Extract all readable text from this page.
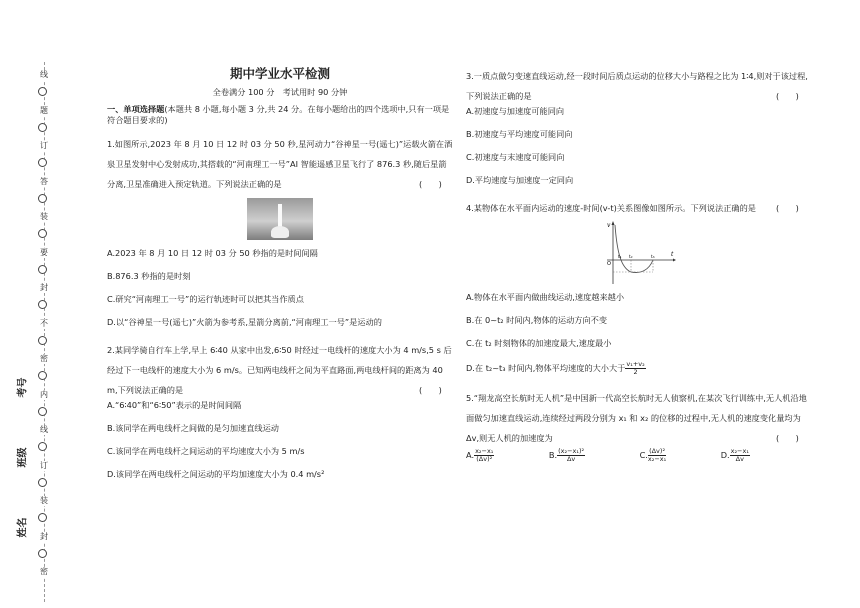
线
题
订
答
装
要
封
不
密
内
线
订
装
封
密
考号
班级
姓名
期中学业水平检测
全卷满分 100 分　考试用时 90 分钟

一、单项选择题(本题共 8 小题,每小题 3 分,共 24 分。在每小题给出的四个选项中,只有一项是符合题目要求的)

1.如图所示,2023 年 8 月 10 日 12 时 03 分 50 秒,星河动力“谷神星一号(遥七)”运载火箭在酒泉卫星发射中心发射成功,其搭载的“河南理工一号”AI 智能遥感卫星飞行了 876.3 秒,随后星箭分离,卫星准确进入预定轨道。下列说法正确的是	(　　)

A.2023 年 8 月 10 日 12 时 03 分 50 秒指的是时间间隔

B.876.3 秒指的是时刻

C.研究“河南理工一号”的运行轨迹时可以把其当作质点

D.以“谷神星一号(遥七)”火箭为参考系,星箭分离前,“河南理工一号”是运动的

2.某同学骑自行车上学,早上 6∶40 从家中出发,6∶50 时经过一电线杆的速度大小为 4 m/s,5 s 后经过下一电线杆的速度大小为 6 m/s。已知两电线杆之间为平直路面,两电线杆间的距离为 40 m,下列说法正确的是	(　　)

A.“6∶40”和“6∶50”表示的是时间间隔

B.该同学在两电线杆之间做的是匀加速直线运动

C.该同学在两电线杆之间运动的平均速度大小为 5 m/s

D.该同学在两电线杆之间运动的平均加速度大小为 0.4 m/s²

3.一质点做匀变速直线运动,经一段时间后质点运动的位移大小与路程之比为 1∶4,则对于该过程,下列说法正确的是	(　　)

A.初速度与加速度可能同向

B.初速度与平均速度可能同向

C.初速度与末速度可能同向

D.平均速度与加速度一定同向

4.某物体在水平面内运动的速度-时间(v-t)关系图像如图所示。下列说法正确的是 (　　)
v
t
O
t₁ t₂	t₃

A.物体在水平面内做曲线运动,速度越来越小

B.在 0~t₂ 时间内,物体的运动方向不变

C.在 t₂ 时刻物体的加速度最大,速度最小

D.在 t₂~t₃ 时间内,物体平均速度的大小大于 $\frac{\text{v₁+v₂}}{2}$

5.“翔龙高空长航时无人机”是中国新一代高空长航时无人侦察机,在某次飞行训练中,无人机沿地面做匀加速直线运动,连续经过两段分别为 x₁ 和 x₂ 的位移的过程中,无人机的速度变化量均为Δv,则无人机的加速度为	(　　)
A. $\frac{\text{x₂−x₁}}{\text{(Δv)²}}$	B. $\frac{\text{(x₂−x₁)²}}{\Delta v}$	C. $\frac{\text{(Δv)²}}{\text{x₂−x₁}}$	D. $\frac{\text{x₂−x₁}}{\Delta v}$
